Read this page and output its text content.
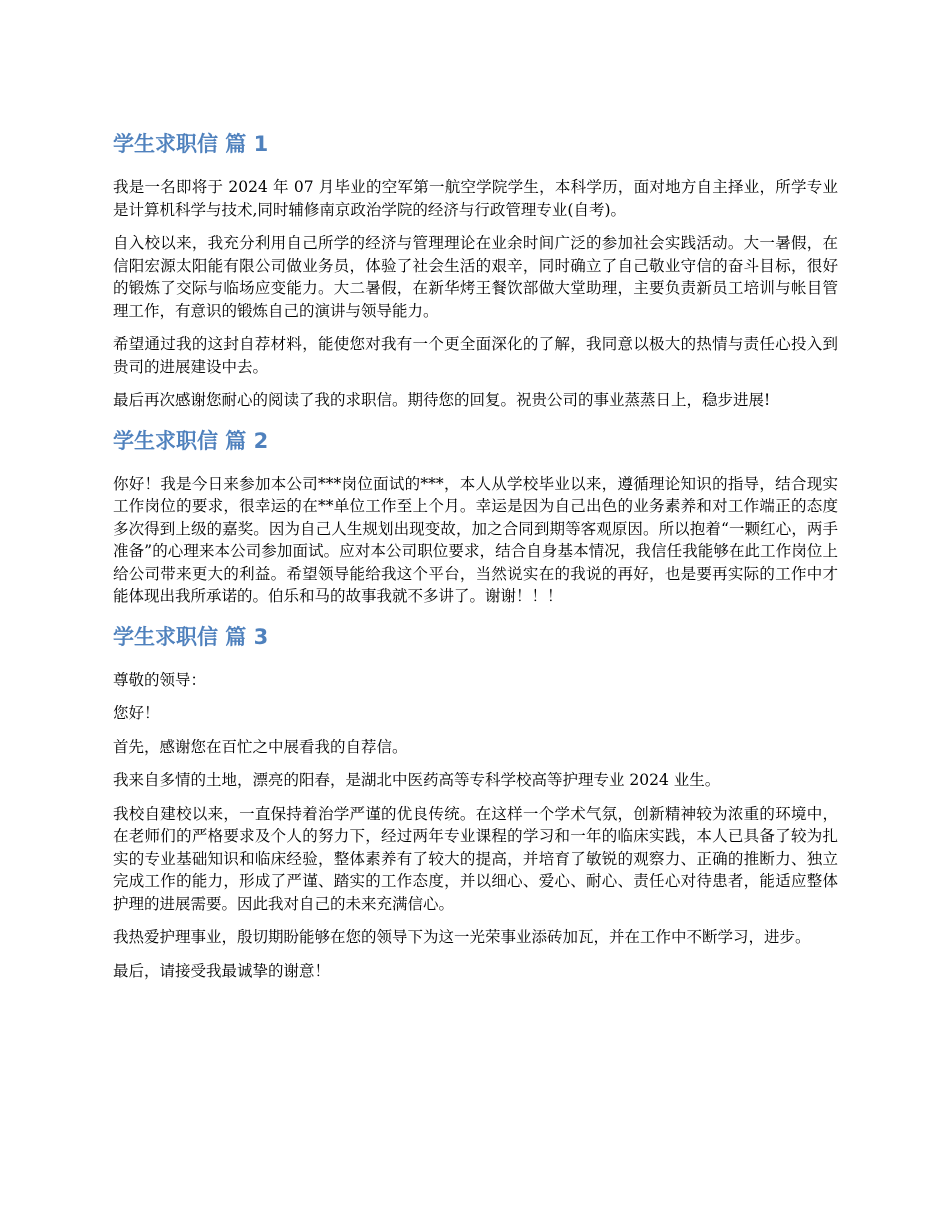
学生求职信 篇 1

我是一名即将于 2024 年 07 月毕业的空军第一航空学院学生，本科学历，面对地方自主择业，所学专业是计算机科学与技术,同时辅修南京政治学院的经济与行政管理专业(自考)。

自入校以来，我充分利用自己所学的经济与管理理论在业余时间广泛的参加社会实践活动。大一暑假，在信阳宏源太阳能有限公司做业务员，体验了社会生活的艰辛，同时确立了自己敬业守信的奋斗目标，很好的锻炼了交际与临场应变能力。大二暑假，在新华烤王餐饮部做大堂助理，主要负责新员工培训与帐目管理工作，有意识的锻炼自己的演讲与领导能力。

希望通过我的这封自荐材料，能使您对我有一个更全面深化的了解，我同意以极大的热情与责任心投入到贵司的进展建设中去。

最后再次感谢您耐心的阅读了我的求职信。期待您的回复。祝贵公司的事业蒸蒸日上，稳步进展!

学生求职信 篇 2

你好！我是今日来参加本公司***岗位面试的***，本人从学校毕业以来，遵循理论知识的指导，结合现实工作岗位的要求，很幸运的在**单位工作至上个月。幸运是因为自己出色的业务素养和对工作端正的态度多次得到上级的嘉奖。因为自己人生规划出现变故，加之合同到期等客观原因。所以抱着“一颗红心，两手准备”的心理来本公司参加面试。应对本公司职位要求，结合自身基本情况，我信任我能够在此工作岗位上给公司带来更大的利益。希望领导能给我这个平台，当然说实在的我说的再好，也是要再实际的工作中才能体现出我所承诺的。伯乐和马的故事我就不多讲了。谢谢！！！

学生求职信 篇 3

尊敬的领导：

您好！

首先，感谢您在百忙之中展看我的自荐信。

我来自多情的土地，漂亮的阳春，是湖北中医药高等专科学校高等护理专业 2024 业生。

我校自建校以来，一直保持着治学严谨的优良传统。在这样一个学术气氛，创新精神较为浓重的环境中，在老师们的严格要求及个人的努力下，经过两年专业课程的学习和一年的临床实践，本人已具备了较为扎实的专业基础知识和临床经验，整体素养有了较大的提高，并培育了敏锐的观察力、正确的推断力、独立完成工作的能力，形成了严谨、踏实的工作态度，并以细心、爱心、耐心、责任心对待患者，能适应整体护理的进展需要。因此我对自己的未来充满信心。

我热爱护理事业，殷切期盼能够在您的领导下为这一光荣事业添砖加瓦，并在工作中不断学习，进步。

最后，请接受我最诚挚的谢意！
